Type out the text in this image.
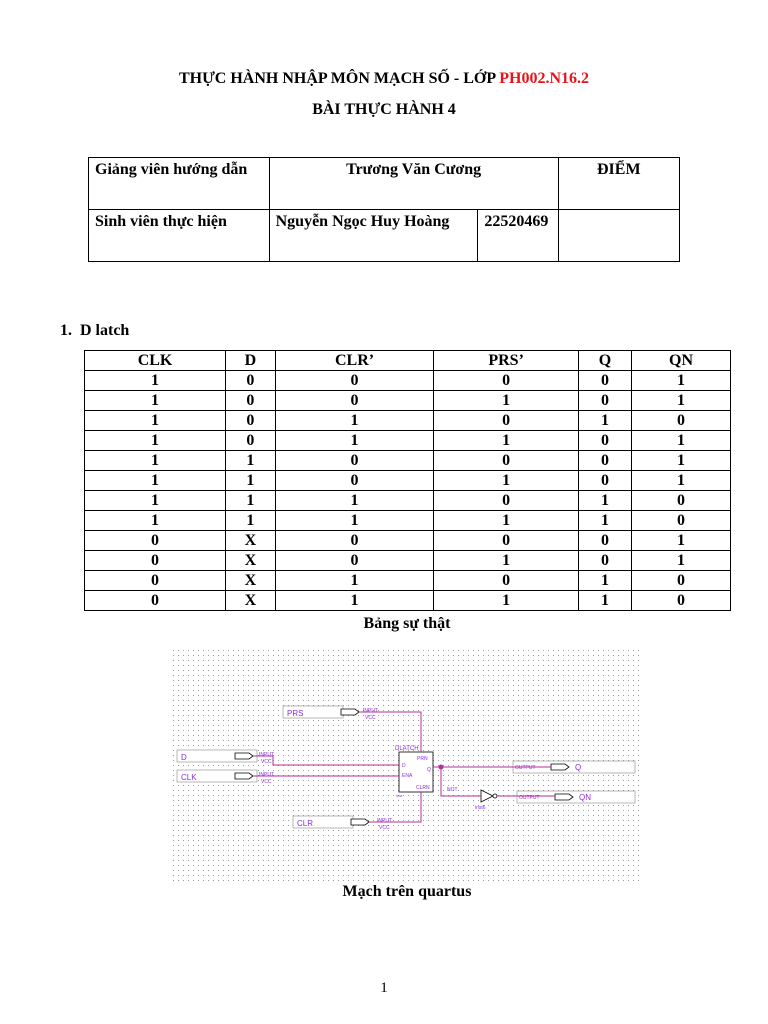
THỰC HÀNH NHẬP MÔN MẠCH SỐ - LỚP PH002.N16.2
BÀI THỰC HÀNH 4
Giảng viên hướng dẫn	Trương Văn Cương		ĐIỂM
Sinh viên thực hiện	Nguyễn Ngọc Huy Hoàng	22520469	
1. D latch
CLK	D	CLR’	PRS’	Q	QN
1	0	0	0	0	1
1	0	0	1	0	1
1	0	1	0	1	0
1	0	1	1	0	1
1	1	0	0	0	1
1	1	0	1	0	1
1	1	1	0	1	0
1	1	1	1	1	0
0	X	0	0	0	1
0	X	0	1	0	1
0	X	1	0	1	0
0	X	1	1	1	0
Bảng sự thật
PRS	INPUT
VCC
D	INPUT
VCC
CLK	INPUT
VCC
CLR	INPUT
VCC
DLATCH
PRN
D
ENA
CLRN
Q
inst
NOT
inst6
OUTPUT	Q
OUTPUT	QN
Mạch trên quartus
1
